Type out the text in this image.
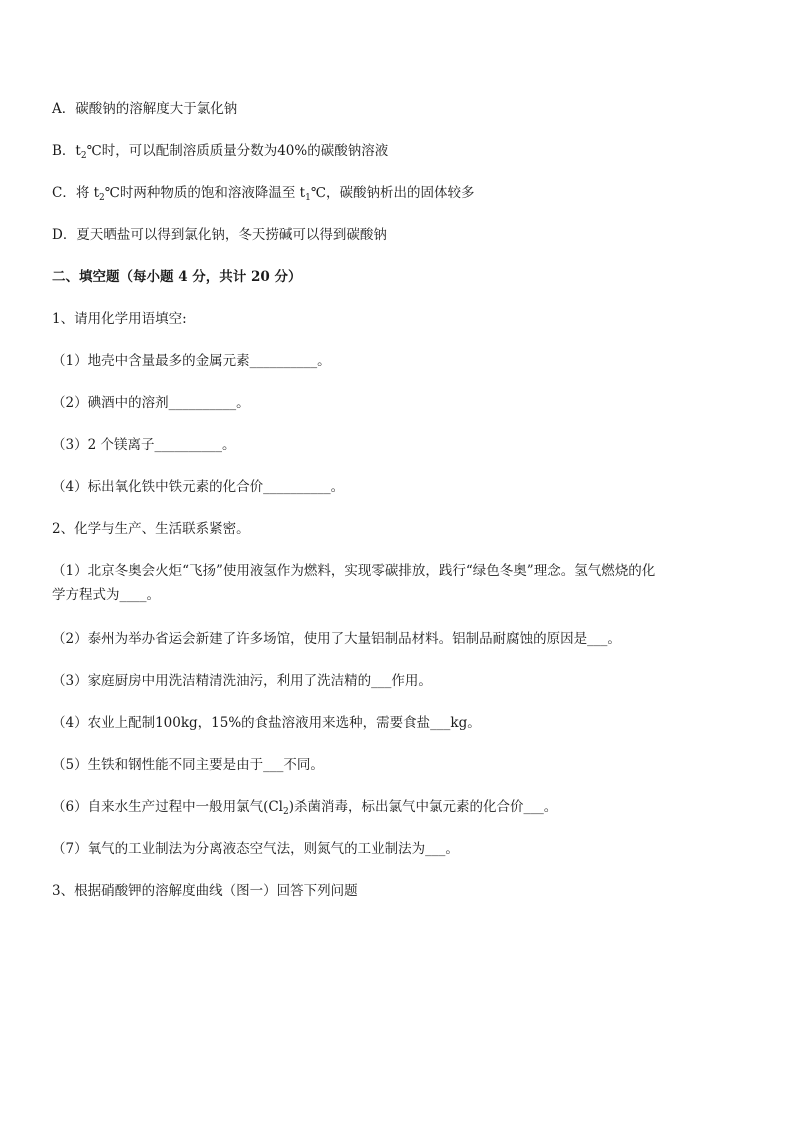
A．碳酸钠的溶解度大于氯化钠
B．$t_2℃$时，可以配制溶质质量分数为40%的碳酸钠溶液
C．将 $t_2℃$时两种物质的饱和溶液降温至 $t_1℃$，碳酸钠析出的固体较多
D．夏天晒盐可以得到氯化钠，冬天捞碱可以得到碳酸钠
二、填空题（每小题 4 分，共计 20 分）
1、请用化学用语填空:
（1）地壳中含量最多的金属元素__________。
（2）碘酒中的溶剂__________。
（3）2 个镁离子__________。
（4）标出氧化铁中铁元素的化合价__________。
2、化学与生产、生活联系紧密。
（1）北京冬奥会火炬“飞扬”使用液氢作为燃料，实现零碳排放，践行“绿色冬奥”理念。氢气燃烧的化
学方程式为____。
（2）泰州为举办省运会新建了许多场馆，使用了大量铝制品材料。铝制品耐腐蚀的原因是___。
（3）家庭厨房中用洗洁精清洗油污，利用了洗洁精的___作用。
（4）农业上配制100kg，15%的食盐溶液用来选种，需要食盐___kg。
（5）生铁和钢性能不同主要是由于___不同。
（6）自来水生产过程中一般用氯气$(Cl_2)$杀菌消毒，标出氯气中氯元素的化合价___。
（7）氧气的工业制法为分离液态空气法，则氮气的工业制法为___。
3、根据硝酸钾的溶解度曲线（图一）回答下列问题
